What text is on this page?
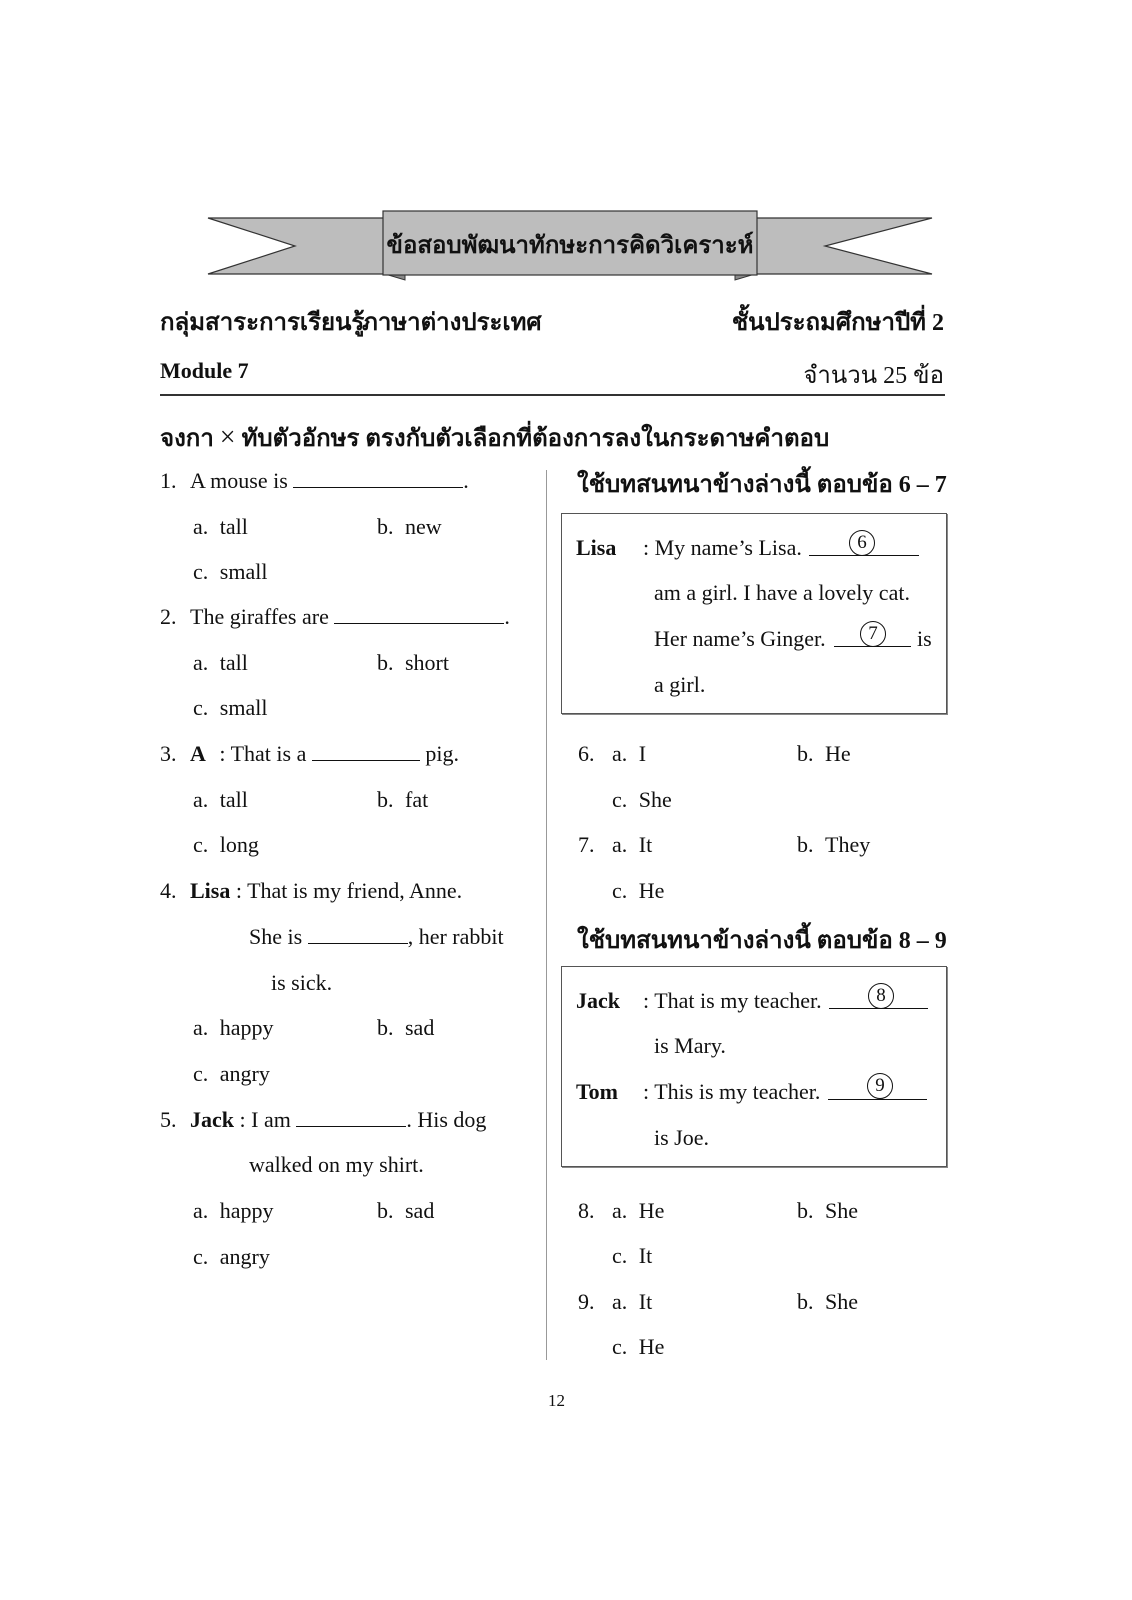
ข้อสอบพัฒนาทักษะการคิดวิเคราะห์
กลุ่มสาระการเรียนรู้
ภาษาต่างประเทศ	ชั้นประถมศึกษาปีที่ 2
Module 7	จำนวน 25 ข้อ
จงกา × ทับตัวอักษร ตรงกับตัวเลือกที่ต้องการลงในกระดาษคำตอบ
1. A mouse is	.
a. tall	b. new
c. small
2. The giraffes are	.
a. tall	b. short
c. small
3. A : That is a	pig.
a. tall	b. fat
c. long
4. Lisa : That is my friend, Anne.
She is	, her rabbit
is sick.
a. happy	b. sad
c. angry
5. Jack : I am	. His dog
walked on my shirt.
a. happy	b. sad
c. angry
ใช้บทสนทนาข้างล่างนี้ ตอบข้อ 6 – 7
Lisa : My name’s Lisa.	6
am a girl. I have a lovely cat.
Her name’s Ginger.	7	is
a girl.
6. a. I	b. He
c. She
7. a. It	b. They
c. He
ใช้บทสนทนาข้างล่างนี้ ตอบข้อ 8 – 9
Jack : That is my teacher.	8
is Mary.
Tom : This is my teacher.	9
is Joe.
8. a. He	b. She
c. It
9. a. It	b. She
c. He
12
